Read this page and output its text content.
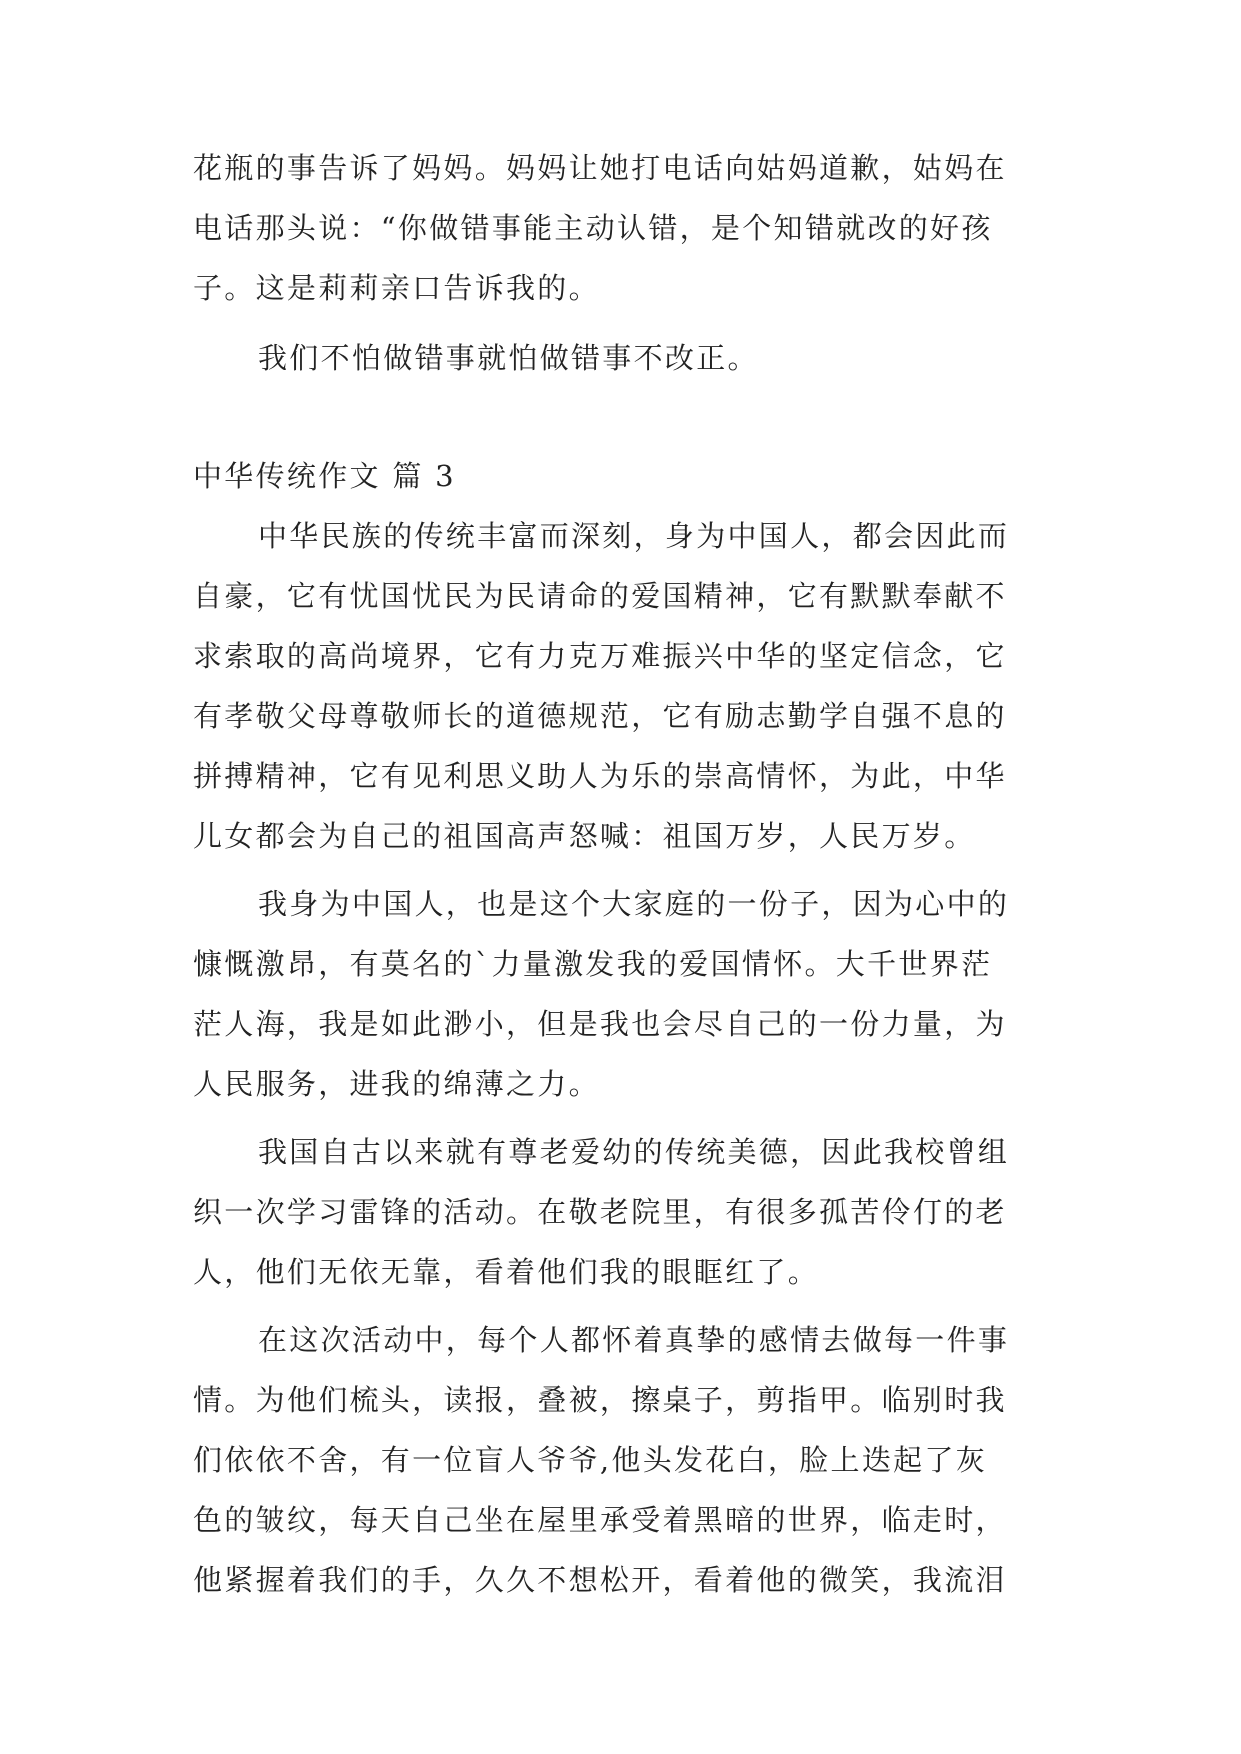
花瓶的事告诉了妈妈。妈妈让她打电话向姑妈道歉，姑妈在
电话那头说：“你做错事能主动认错，是个知错就改的好孩
子。这是莉莉亲口告诉我的。
我们不怕做错事就怕做错事不改正。
中华传统作文 篇 3
中华民族的传统丰富而深刻，身为中国人，都会因此而
自豪，它有忧国忧民为民请命的爱国精神，它有默默奉献不
求索取的高尚境界，它有力克万难振兴中华的坚定信念，它
有孝敬父母尊敬师长的道德规范，它有励志勤学自强不息的
拼搏精神，它有见利思义助人为乐的崇高情怀，为此，中华
儿女都会为自己的祖国高声怒喊：祖国万岁，人民万岁。
我身为中国人，也是这个大家庭的一份子，因为心中的
慷慨激昂，有莫名的`力量激发我的爱国情怀。大千世界茫
茫人海，我是如此渺小，但是我也会尽自己的一份力量，为
人民服务，进我的绵薄之力。
我国自古以来就有尊老爱幼的传统美德，因此我校曾组
织一次学习雷锋的活动。在敬老院里，有很多孤苦伶仃的老
人，他们无依无靠，看着他们我的眼眶红了。
在这次活动中，每个人都怀着真挚的感情去做每一件事
情。为他们梳头，读报，叠被，擦桌子，剪指甲。临别时我
们依依不舍，有一位盲人爷爷,他头发花白，脸上迭起了灰
色的皱纹，每天自己坐在屋里承受着黑暗的世界，临走时，
他紧握着我们的手，久久不想松开，看着他的微笑，我流泪
